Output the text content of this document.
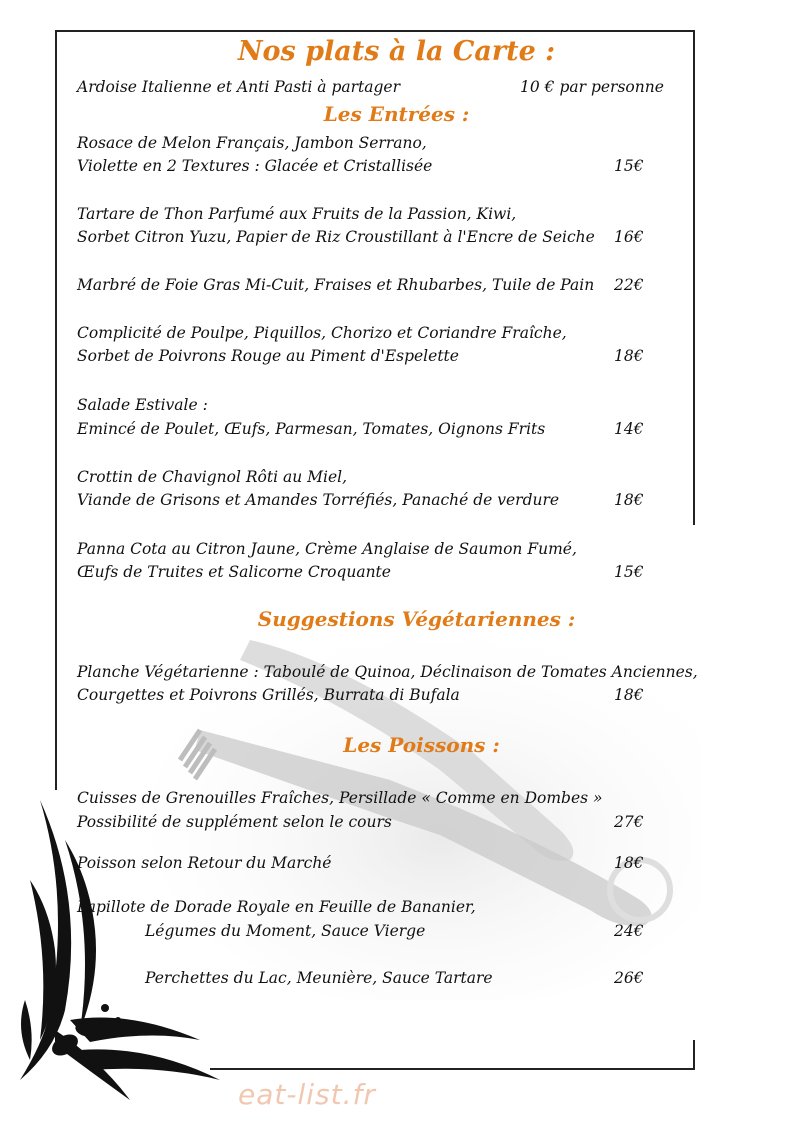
Nos plats à la Carte :
Ardoise Italienne et Anti Pasti à partager	10 € par personne
Les Entrées :
Rosace de Melon Français, Jambon Serrano,
Violette en 2 Textures : Glacée et Cristallisée	15€
Tartare de Thon Parfumé aux Fruits de la Passion, Kiwi,
Sorbet Citron Yuzu, Papier de Riz Croustillant à l'Encre de Seiche 16€
Marbré de Foie Gras Mi-Cuit, Fraises et Rhubarbes, Tuile de Pain 22€
Complicité de Poulpe, Piquillos, Chorizo et Coriandre Fraîche,
Sorbet de Poivrons Rouge au Piment d'Espelette	18€
Salade Estivale :
Emincé de Poulet, Œufs, Parmesan, Tomates, Oignons Frits	14€
Crottin de Chavignol Rôti au Miel,
Viande de Grisons et Amandes Torréfiés, Panaché de verdure	18€
Panna Cota au Citron Jaune, Crème Anglaise de Saumon Fumé,
Œufs de Truites et Salicorne Croquante	15€
Suggestions Végétariennes :
Planche Végétarienne : Taboulé de Quinoa, Déclinaison de Tomates Anciennes,
Courgettes et Poivrons Grillés, Burrata di Bufala	18€
Les Poissons :
Cuisses de Grenouilles Fraîches, Persillade « Comme en Dombes »
Possibilité de supplément selon le cours	27€
Poisson selon Retour du Marché	18€
Papillote de Dorade Royale en Feuille de Bananier,
Légumes du Moment, Sauce Vierge	24€
Perchettes du Lac, Meunière, Sauce Tartare	26€
eat-list.fr
